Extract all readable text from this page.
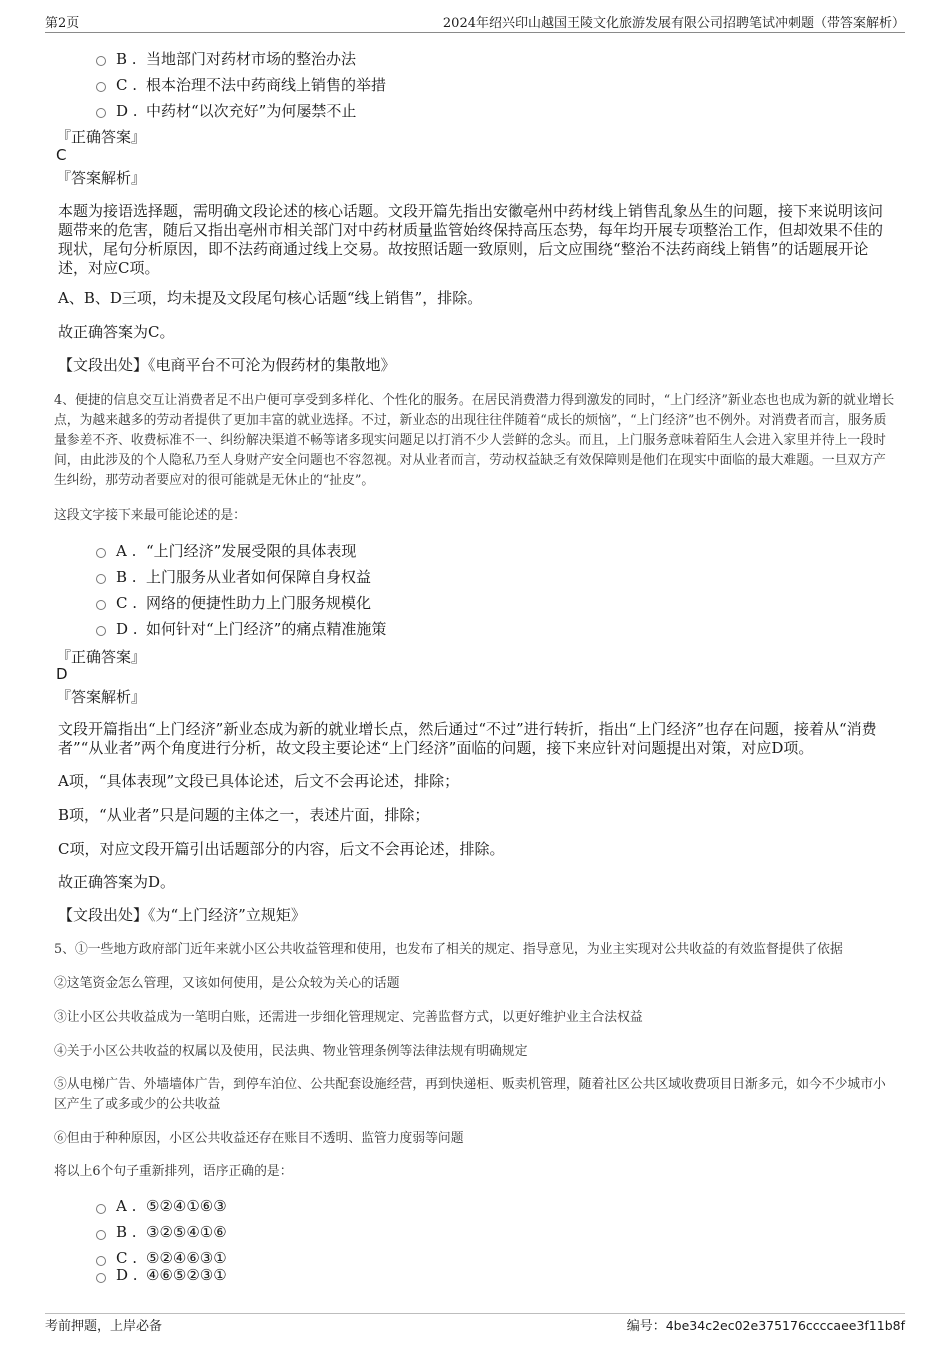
第2页	2024年绍兴印山越国王陵文化旅游发展有限公司招聘笔试冲刺题（带答案解析）
B . 当地部门对药材市场的整治办法
C . 根本治理不法中药商线上销售的举措
D . 中药材“以次充好”为何屡禁不止
『正确答案』
C
『答案解析』
本题为接语选择题，需明确文段论述的核心话题。文段开篇先指出安徽亳州中药材线上销售乱象丛生的问题，接下来说明该问题带来的危害，随后又指出亳州市相关部门对中药材质量监管始终保持高压态势，每年均开展专项整治工作，但却效果不佳的现状，尾句分析原因，即不法药商通过线上交易。故按照话题一致原则，后文应围绕“整治不法药商线上销售”的话题展开论述，对应C项。
A、B、D三项，均未提及文段尾句核心话题“线上销售”，排除。
故正确答案为C。
【文段出处】《电商平台不可沦为假药材的集散地》
4、便捷的信息交互让消费者足不出户便可享受到多样化、个性化的服务。在居民消费潜力得到激发的同时，“上门经济”新业态也也成为新的就业增长点，为越来越多的劳动者提供了更加丰富的就业选择。不过，新业态的出现往往伴随着“成长的烦恼”，“上门经济”也不例外。对消费者而言，服务质量参差不齐、收费标准不一、纠纷解决渠道不畅等诸多现实问题足以打消不少人尝鲜的念头。而且，上门服务意味着陌生人会进入家里并待上一段时间，由此涉及的个人隐私乃至人身财产安全问题也不容忽视。对从业者而言，劳动权益缺乏有效保障则是他们在现实中面临的最大难题。一旦双方产生纠纷，那劳动者要应对的很可能就是无休止的“扯皮”。
这段文字接下来最可能论述的是：
A . “上门经济”发展受限的具体表现
B . 上门服务从业者如何保障自身权益
C . 网络的便捷性助力上门服务规模化
D . 如何针对“上门经济”的痛点精准施策
『正确答案』
D
『答案解析』
文段开篇指出“上门经济”新业态成为新的就业增长点，然后通过“不过”进行转折，指出“上门经济”也存在问题，接着从“消费者”“从业者”两个角度进行分析，故文段主要论述“上门经济”面临的问题，接下来应针对问题提出对策，对应D项。
A项，“具体表现”文段已具体论述，后文不会再论述，排除；
B项，“从业者”只是问题的主体之一，表述片面，排除；
C项，对应文段开篇引出话题部分的内容，后文不会再论述，排除。
故正确答案为D。
【文段出处】《为“上门经济”立规矩》
5、①一些地方政府部门近年来就小区公共收益管理和使用，也发布了相关的规定、指导意见，为业主实现对公共收益的有效监督提供了依据
②这笔资金怎么管理，又该如何使用，是公众较为关心的话题
③让小区公共收益成为一笔明白账，还需进一步细化管理规定、完善监督方式，以更好维护业主合法权益
④关于小区公共收益的权属以及使用，民法典、物业管理条例等法律法规有明确规定
⑤从电梯广告、外墙墙体广告，到停车泊位、公共配套设施经营，再到快递柜、贩卖机管理，随着社区公共区域收费项目日渐多元，如今不少城市小区产生了或多或少的公共收益
⑥但由于种种原因，小区公共收益还存在账目不透明、监管力度弱等问题
将以上6个句子重新排列，语序正确的是：
A . ⑤②④①⑥③
B . ③②⑤④①⑥
C . ⑤②④⑥③①
D . ④⑥⑤②③①
考前押题，上岸必备	编号：4be34c2ec02e375176ccccaee3f11b8f
